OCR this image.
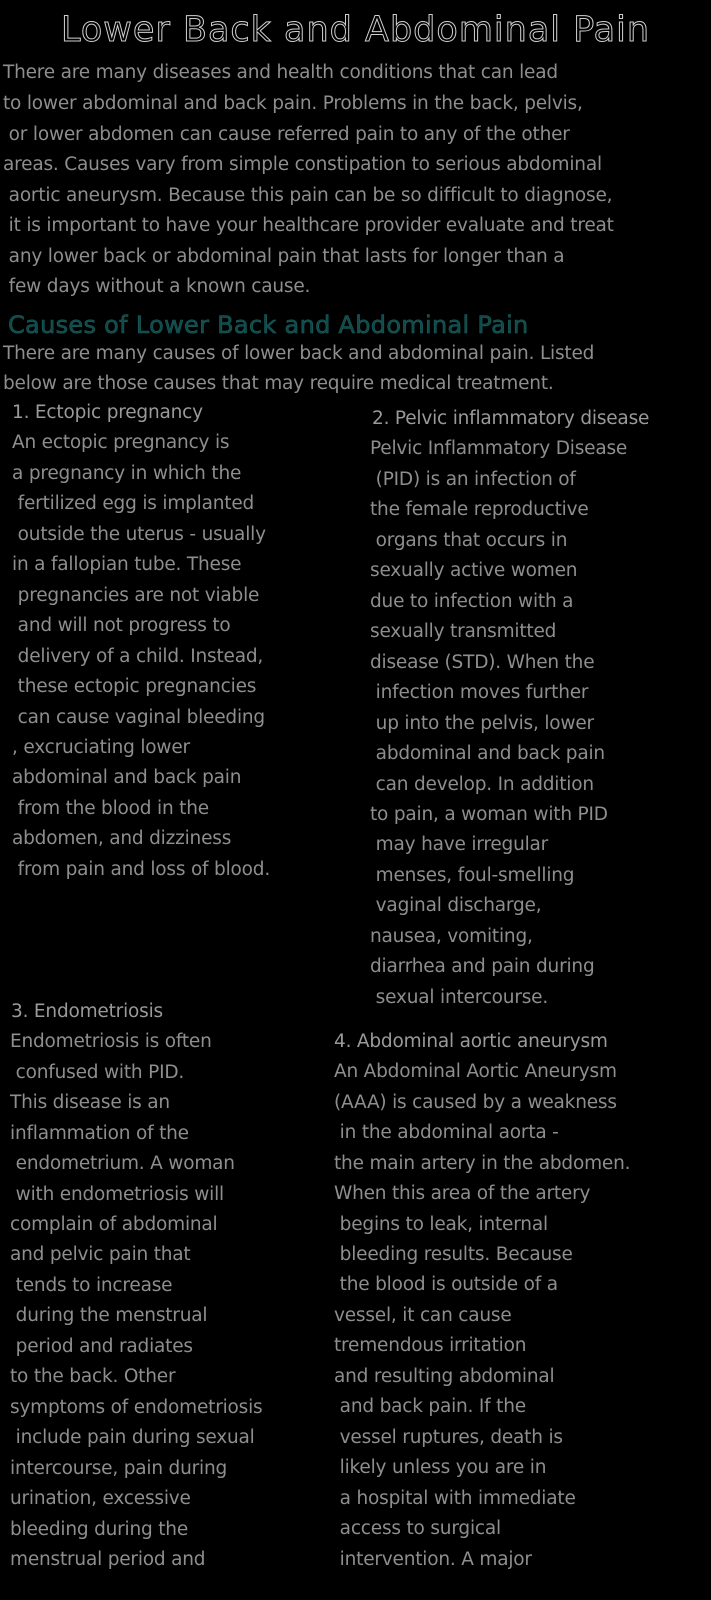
Lower Back and Abdominal Pain
There are many diseases and health conditions that can lead
to lower abdominal and back pain. Problems in the back, pelvis,
or lower abdomen can cause referred pain to any of the other
areas. Causes vary from simple constipation to serious abdominal
aortic aneurysm. Because this pain can be so difficult to diagnose,
it is important to have your healthcare provider evaluate and treat
any lower back or abdominal pain that lasts for longer than a
few days without a known cause.
Causes of Lower Back and Abdominal Pain
There are many causes of lower back and abdominal pain. Listed
below are those causes that may require medical treatment.
1. Ectopic pregnancy
An ectopic pregnancy is
a pregnancy in which the
fertilized egg is implanted
outside the uterus - usually
in a fallopian tube. These
pregnancies are not viable
and will not progress to
delivery of a child. Instead,
these ectopic pregnancies
can cause vaginal bleeding
, excruciating lower
abdominal and back pain
from the blood in the
abdomen, and dizziness
from pain and loss of blood.
2. Pelvic inflammatory disease
Pelvic Inflammatory Disease
(PID) is an infection of
the female reproductive
organs that occurs in
sexually active women
due to infection with a
sexually transmitted
disease (STD). When the
infection moves further
up into the pelvis, lower
abdominal and back pain
can develop. In addition
to pain, a woman with PID
may have irregular
menses, foul-smelling
vaginal discharge,
nausea, vomiting,
diarrhea and pain during
sexual intercourse.
3. Endometriosis
Endometriosis is often
confused with PID.
This disease is an
inflammation of the
endometrium. A woman
with endometriosis will
complain of abdominal
and pelvic pain that
tends to increase
during the menstrual
period and radiates
to the back. Other
symptoms of endometriosis
include pain during sexual
intercourse, pain during
urination, excessive
bleeding during the
menstrual period and
4. Abdominal aortic aneurysm
An Abdominal Aortic Aneurysm
(AAA) is caused by a weakness
in the abdominal aorta -
the main artery in the abdomen.
When this area of the artery
begins to leak, internal
bleeding results. Because
the blood is outside of a
vessel, it can cause
tremendous irritation
and resulting abdominal
and back pain. If the
vessel ruptures, death is
likely unless you are in
a hospital with immediate
access to surgical
intervention. A major
